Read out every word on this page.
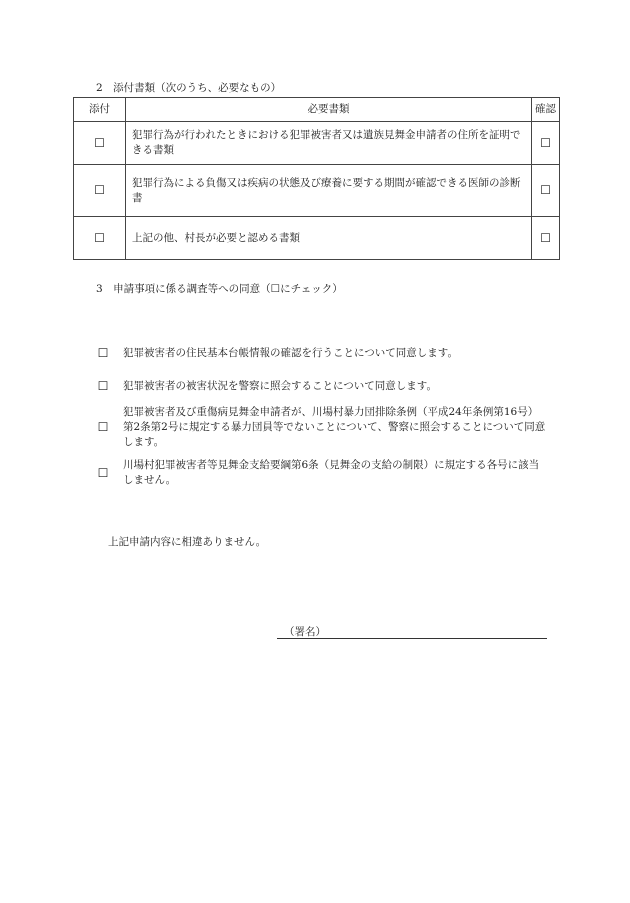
2　添付書類（次のうち、必要なもの）
添付	必要書類	確認
☐	犯罪行為が行われたときにおける犯罪被害者又は遺族見舞金申請者の住所を証明できる書類	☐
☐	犯罪行為による負傷又は疾病の状態及び療養に要する期間が確認できる医師の診断書	☐
☐	上記の他、村長が必要と認める書類	☐
3　申請事項に係る調査等への同意（☐にチェック）
☐ 犯罪被害者の住民基本台帳情報の確認を行うことについて同意します。
☐ 犯罪被害者の被害状況を警察に照会することについて同意します。
☐
犯罪被害者及び重傷病見舞金申請者が、川場村暴力団排除条例（平成24年条例第16号）第2条第2号に規定する暴力団員等でないことについて、警察に照会することについて同意します。
☐
川場村犯罪被害者等見舞金支給要綱第6条（見舞金の支給の制限）に規定する各号に該当しません。
上記申請内容に相違ありません。
（署名）
